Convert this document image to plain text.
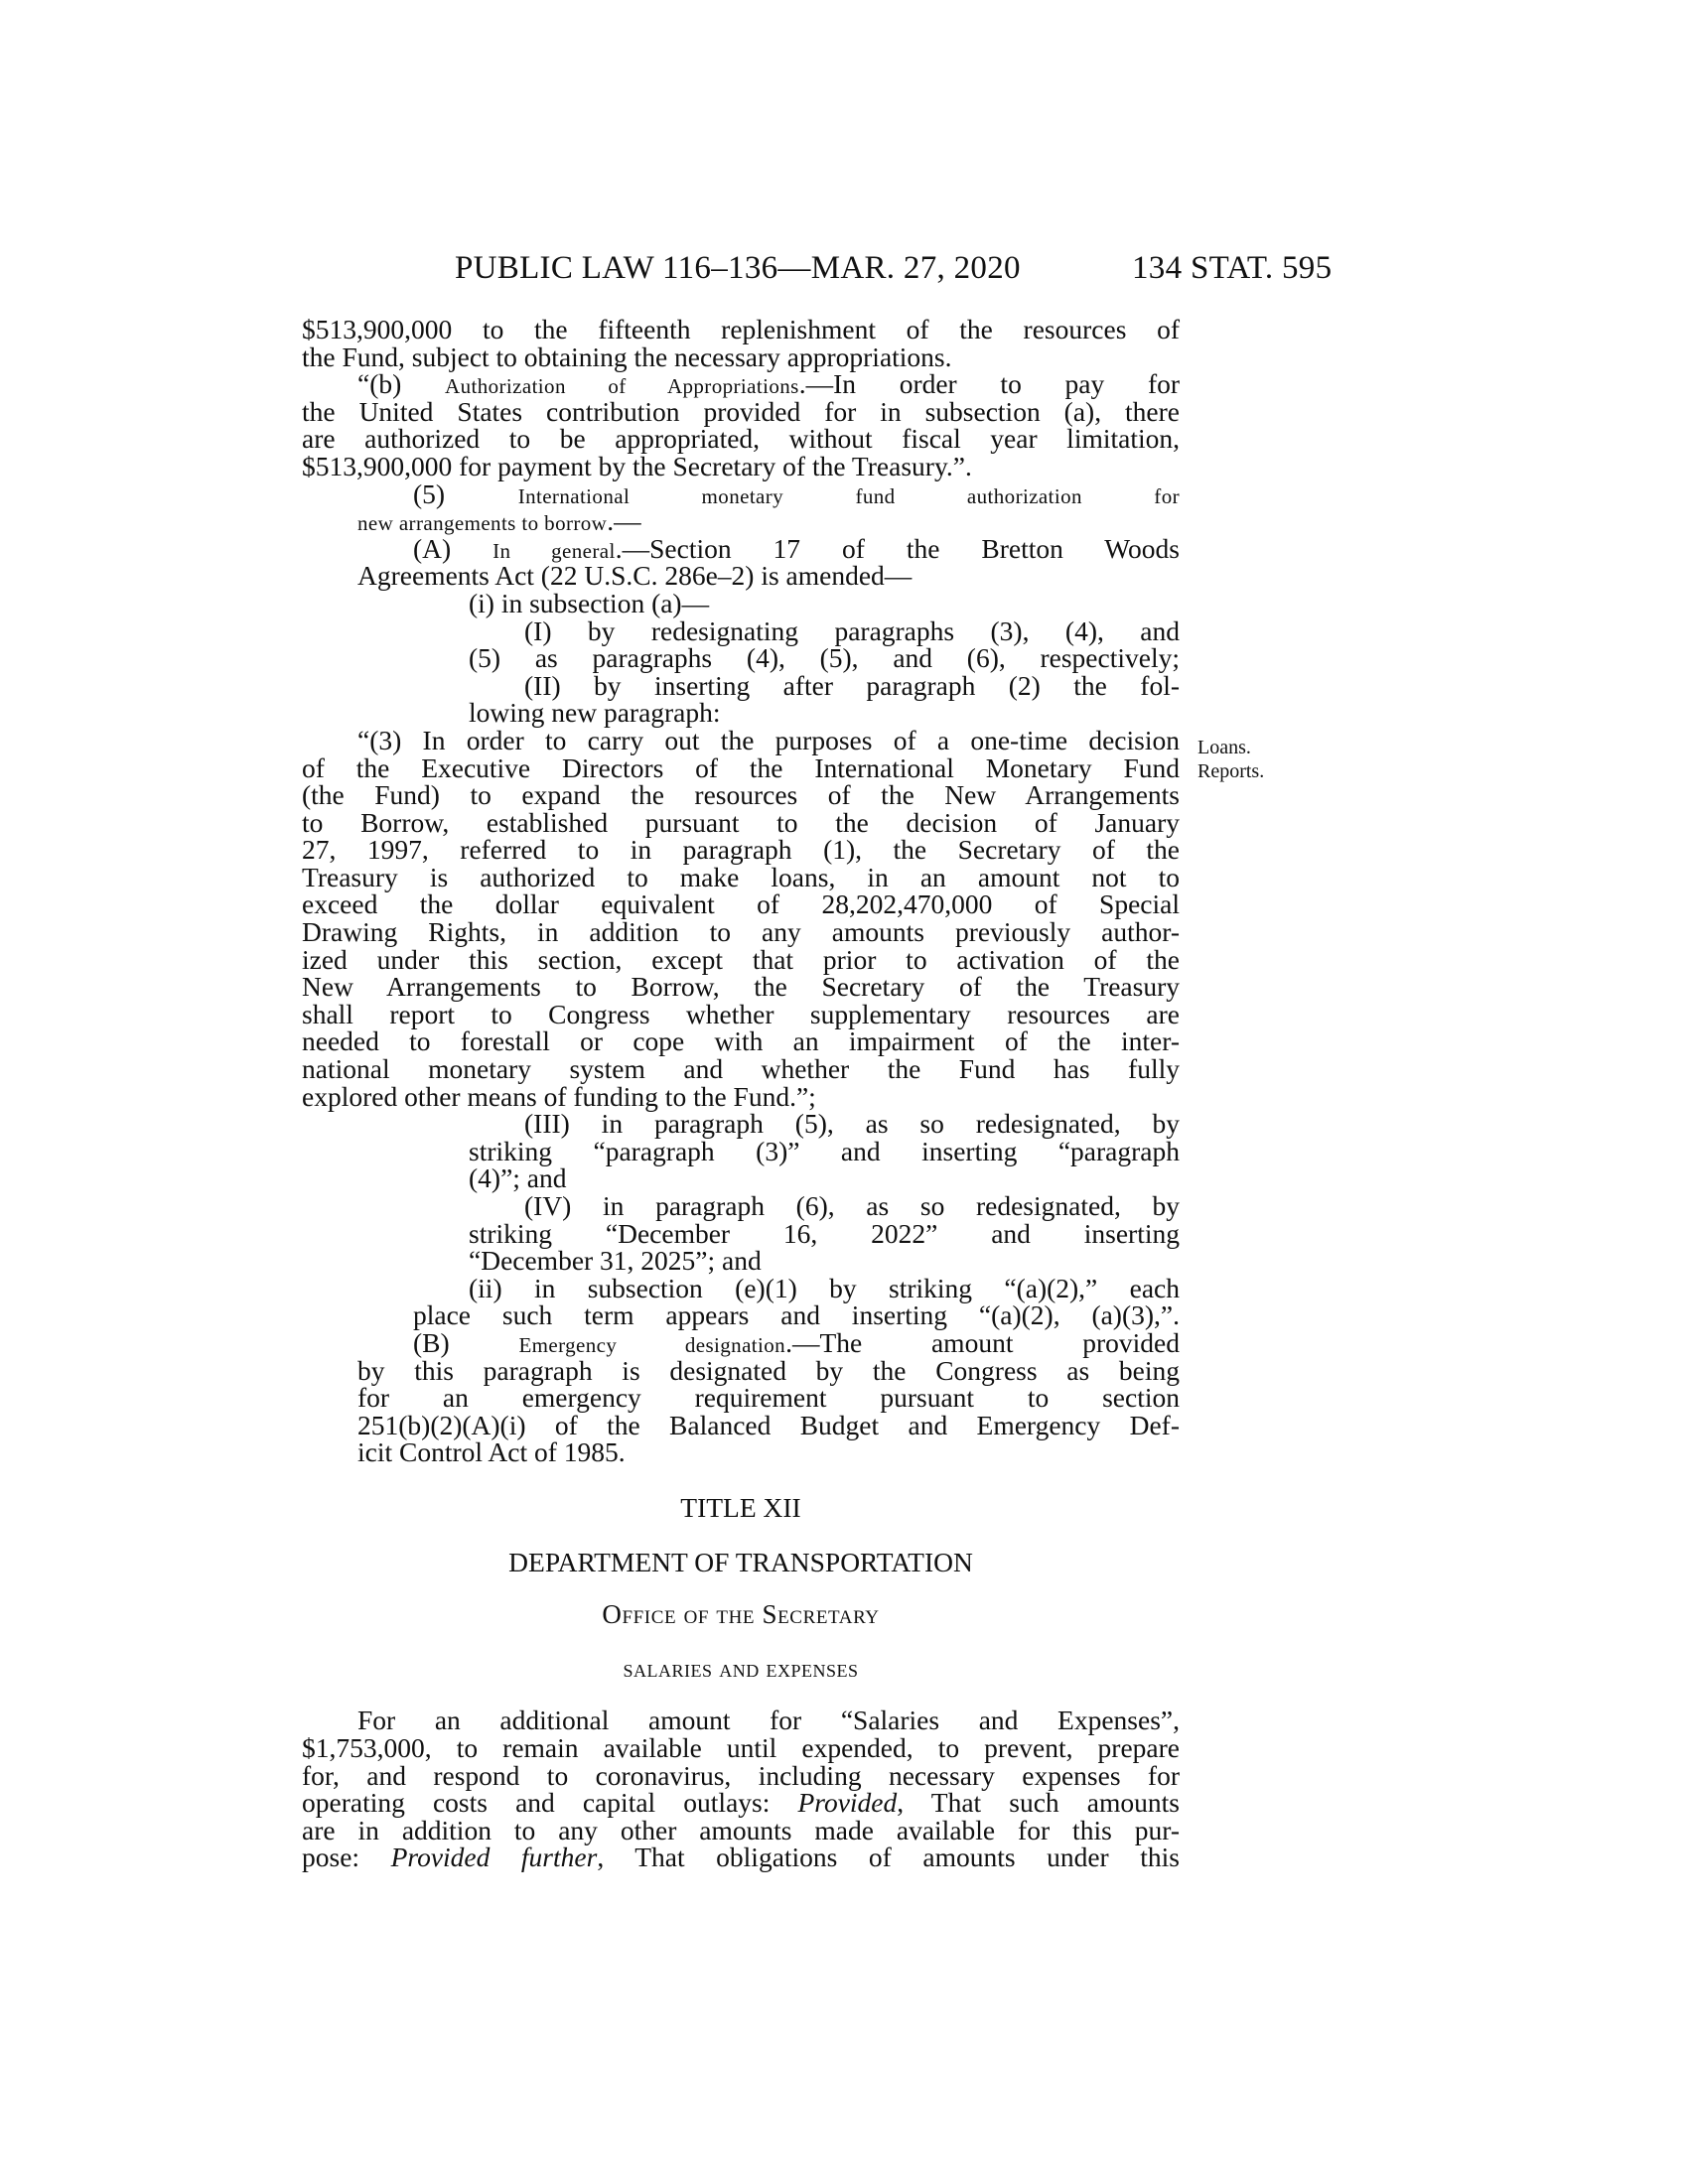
PUBLIC LAW 116–136—MAR. 27, 2020	134 STAT. 595
Loans.
Reports.
$513,900,000 to the fifteenth replenishment of the resources of
the Fund, subject to obtaining the necessary appropriations.
“(b) Authorization of Appropriations.—In order to pay for
the United States contribution provided for in subsection (a), there
are authorized to be appropriated, without fiscal year limitation,
$513,900,000 for payment by the Secretary of the Treasury.”.
(5)	International monetary fund authorization for
new arrangements to borrow.—
(A) In general.—Section 17 of the Bretton Woods
Agreements Act (22 U.S.C. 286e–2) is amended—
(i) in subsection (a)—
(I) by redesignating paragraphs (3), (4), and
(5) as paragraphs (4), (5), and (6), respectively;
(II) by inserting after paragraph (2) the fol-
lowing new paragraph:
“(3) In order to carry out the purposes of a one-time decision
of the Executive Directors of the International Monetary Fund
(the Fund) to expand the resources of the New Arrangements
to Borrow, established pursuant to the decision of January
27, 1997, referred to in paragraph (1), the Secretary of the
Treasury is authorized to make loans, in an amount not to
exceed the dollar equivalent of 28,202,470,000 of Special
Drawing Rights, in addition to any amounts previously author-
ized under this section, except that prior to activation of the
New Arrangements to Borrow, the Secretary of the Treasury
shall report to Congress whether supplementary resources are
needed to forestall or cope with an impairment of the inter-
national monetary system and whether the Fund has fully
explored other means of funding to the Fund.”;
(III) in paragraph (5), as so redesignated, by
striking “paragraph (3)” and inserting “paragraph
(4)”; and
(IV) in paragraph (6), as so redesignated, by
striking “December 16, 2022” and inserting
“December 31, 2025”; and
(ii) in subsection (e)(1) by striking “(a)(2),” each
place such term appears and inserting “(a)(2), (a)(3),”.
(B)	Emergency designation.—The amount provided
by this paragraph is designated by the Congress as being
for an emergency requirement pursuant to section
251(b)(2)(A)(i) of the Balanced Budget and Emergency Def-
icit Control Act of 1985.
TITLE XII
DEPARTMENT OF TRANSPORTATION
Office of the Secretary
salaries and expenses
For an additional amount for “Salaries and Expenses”,
$1,753,000, to remain available until expended, to prevent, prepare
for, and respond to coronavirus, including necessary expenses for
operating costs and capital outlays: Provided, That such amounts
are in addition to any other amounts made available for this pur-
pose: Provided further, That obligations of amounts under this
